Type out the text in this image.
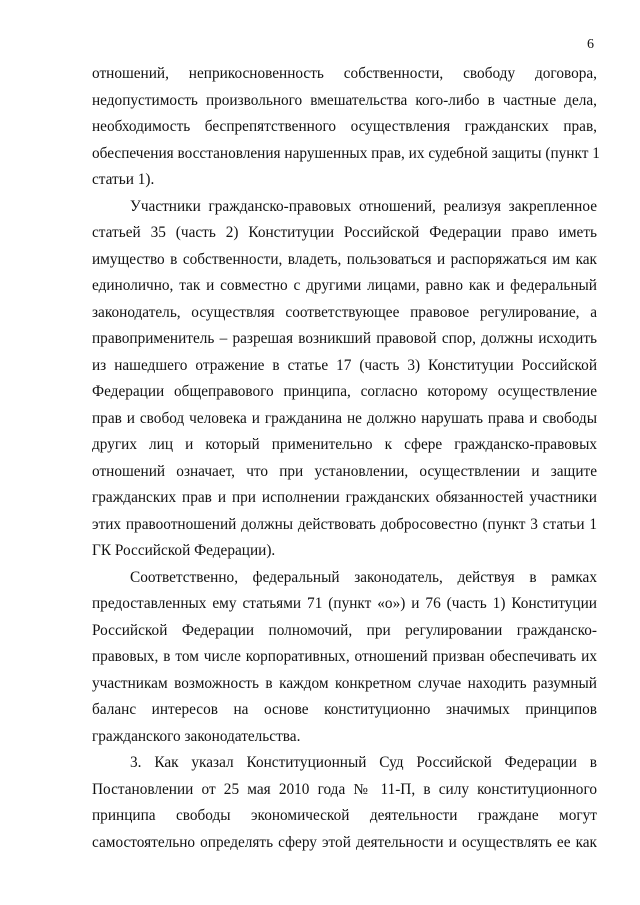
6
отношений, неприкосновенность собственности, свободу договора,
недопустимость произвольного вмешательства кого-либо в частные дела,
необходимость беспрепятственного осуществления гражданских прав,
обеспечения восстановления нарушенных прав, их судебной защиты (пункт 1
статьи 1).
Участники гражданско-правовых отношений, реализуя закрепленное
статьей 35 (часть 2) Конституции Российской Федерации право иметь
имущество в собственности, владеть, пользоваться и распоряжаться им как
единолично, так и совместно с другими лицами, равно как и федеральный
законодатель, осуществляя соответствующее правовое регулирование, а
правоприменитель – разрешая возникший правовой спор, должны исходить
из нашедшего отражение в статье 17 (часть 3) Конституции Российской
Федерации общеправового принципа, согласно которому осуществление
прав и свобод человека и гражданина не должно нарушать права и свободы
других лиц и который применительно к сфере гражданско-правовых
отношений означает, что при установлении, осуществлении и защите
гражданских прав и при исполнении гражданских обязанностей участники
этих правоотношений должны действовать добросовестно (пункт 3 статьи 1
ГК Российской Федерации).
Соответственно, федеральный законодатель, действуя в рамках
предоставленных ему статьями 71 (пункт «о») и 76 (часть 1) Конституции
Российской Федерации полномочий, при регулировании гражданско-
правовых, в том числе корпоративных, отношений призван обеспечивать их
участникам возможность в каждом конкретном случае находить разумный
баланс интересов на основе конституционно значимых принципов
гражданского законодательства.
3. Как указал Конституционный Суд Российской Федерации в
Постановлении от 25 мая 2010 года № 11-П, в силу конституционного
принципа свободы экономической деятельности граждане могут
самостоятельно определять сферу этой деятельности и осуществлять ее как
